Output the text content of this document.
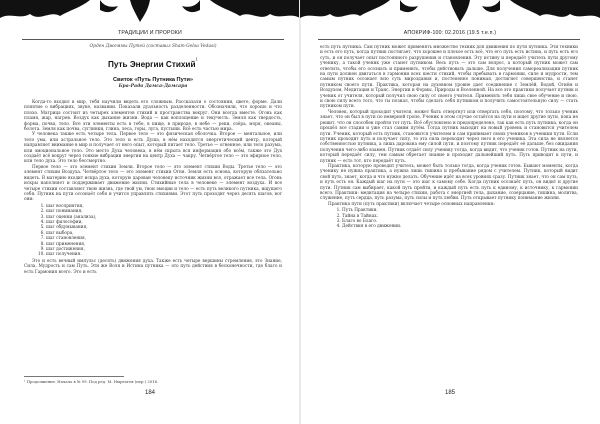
ТРАДИЦИИ И ПРОРОКИ
Орден Джеммы Путей (составил Sham-Geloa Vedasi)
Путь Энергии Стихий$^1$
Свиток «Путь Путника Пути»
Бра-Рада Дамса-Дамсара

Когда-то входил в мир, тебя научили видеть его сложным. Рассказали о состоянии, цвете, форме. Дали понятие о вибрациях, звуке, названии. Показали дуальность разделенности. Обозначили, что хорошо и что плохо. Матрица состоит из четырех элементов стихий и пространства вокруг. Они всегда вместе. Огонь как пламя, жар, нагрев. Воздух как дыхание жизни. Вода — как воплощение и текучесть. Земля как твердость, форма, почва, тело. Все эти элементы есть в тебе, в пище, в природе, в небе — реки, озёра, моря, океаны, болота. Земля как почва, суглинки, глина, леса, горы, луга, пустыни. Всё есть частью мира.

У человека также есть четыре тела. Первое тело — это физическая оболочка. Второе — ментальное, или тело ума, или астральное тело. Это тело и есть Душа, в нём находится энергетический центр, который направляет внимание в мир и получает от него опыт, который питает тело. Третье — огненное, или тело разума, или эмоциональное тело. Это место Духа человека, в нём скрыта вся информация обо всём, также это Дух создаёт всё вокруг через тонкие вибрации энергии на центр Духа — чакру. Четвёртое тело — это эфирное тело, или тело духа. Это тело бессмертно.

Первое тело — это элемент стихии Земли. Второе тело — это элемент стихии Воды. Третье тело — это элемент стихии Воздуха. Четвёртое тело — это элемент стихии Огня. Земля есть основа, которую обязательно видеть. В материю входит искра духа, которую дарован человеку источник жизни вся, отражает все тела. Огонь искры наполняет и поддерживает движение жизни. Стихийные тела в человеке — элемент воздуха. И все четыре стихии составляют твою жизнь, где твой ум, твои эмоции и тело — есть путь великого путника, ищущего себя. Путник на пути осознаёт себя и учится управлять стихиями. Этот путь проходит через десять шагов, вот они:

1. шаг восприятия,
2. шаг понимания,
3. шаг оценки (анализа),
4. шаг философии,
5. шаг обдумывания,
6. шаг выбора,
7. шаг становления,
8. шаг применения,
9. шаг достижения,
10. шаг получения.

Это и есть вечный импульс (десять) движения духа. Также есть четыре вершины стремления, это Знание, Сила, Мудрость и сам Путь. Эти же Воля и Истина путника — это путь действия в бесконечности, где благо и есть Гармония всего. Это и есть

¹ Продолжение. Начало в № 99. Под ред. М. Ныргатея (пер.) 2016.
184
АПОКРИФ-100: 02.2016 (19.5 т.е.п.)

есть путь путника. Сам путник может применять множество техник для движения по пути путника. Эти техники и есть его путь, когда путник постигает, что хорошее и плохое есть всё, что его путь есть истина, и путь есть его суть, и он получает опыт постоянного разрушения и становления. Эту истину и передаёт учитель пути другому ученику, а такой ученик уже станет путником. Весь путь — это сам вопрос, а который путник может сам ответить, чтобы его осознать и применить, чтобы действовать дальше. Для получения самореализации путник на пути должен двигаться в гармонии всех шести стихий, чтобы пребывать в гармонии, силе и мудрости, тем самым путник осознает всю суть мироздания и, постепенно понимая, достигнет совершенства, и станет путником своего пути. Практика, которая на духовном уровне дает соединение с Землёй, Водой, Огнём и Воздухом, Медитация и Транс, Энергии и Формы, Природы и Вселенной. На все это практики получает путник и ученик от учителя, который получил свою силу от своего учителя. Применять тебя лишь свое обучение и свою, и свою силу всего того, что ты познал, чтобы сделать себя путником и получить самостоятельную силу — стать путником пути.

Человек, который проходит учителя, может быть отвергнут или отвергать себя, поэтому, что только ученик знает, что он был в пути по неверной тропе. Ученик в этом случае остаётся на пути и ищет другие пути, пока не решит, что он способен пройти тот путь. Всё обусловлено и предопределено, так как есть путь путника, когда он прошёл все стадии и уже стал самим путём. Тогда путник выходит на новый уровень и становится учителем пути. Ученик, который есть путник, становится учителем и сам принимает своих учеников в ученики пути. Если путник проходит путь и получает силу, то эта сила переходит через него в его ученика. Эта сила не является собственностью путника, а лишь дарована ему силой пути, и поэтому путник передаёт её дальше, без ожидания получения чего-либо взамен. Путник отдаёт силу ученику тогда, когда видит, что ученик готов. Путник на пути, который передаёт силу, тем самым обретает знание и проходит дальнейший путь. Путь приводит к пути, и путник — есть тот, кто передаёт путь.

Практика, которую проводит учитель, может быть только тогда, когда ученик готов. Бывают моменты, когда ученику не нужна практика, а нужна лишь тишина и пребывание рядом с учителем. Путник, который видит свой путь, знает, когда и что нужно делать. Обучение идёт на всех уровнях сразу. Путник знает, что он сам путь, и путь есть он. Каждый шаг на пути — это шаг к самому себе. Когда путник осознаёт путь, он видит и другие пути. Путник сам выбирает, какой путь пройти, и каждый путь есть путь к единому, к источнику, к гармонии всего. Практики: медитация на четыре стихии, работа с энергией тела, дыхание, созерцание, тишина, молитва, служение, путь сердца, путь разума, путь силы и путь любви. Путь открывает путнику понимание жизни.

Практика пути (путь практики) включает четыре основных направления:

1. Путь Практики.
2. Тайна в Тайнах.
3. Благо во Благо.
4. Действия в его движении.
185
